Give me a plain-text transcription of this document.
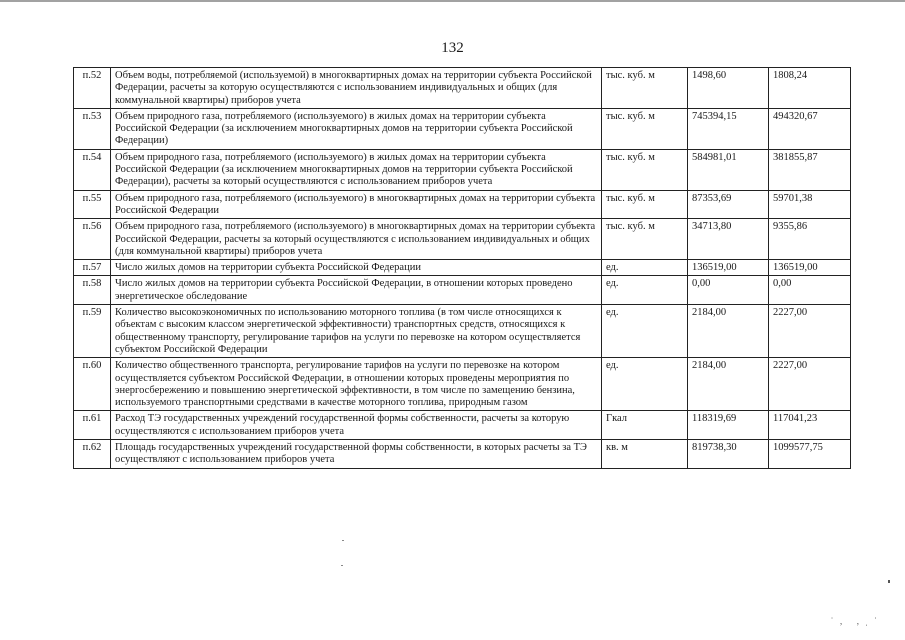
132
п.52	Объем воды, потребляемой (используемой) в многоквартирных домах на территории субъекта Российской Федерации, расчеты за которую осуществляются с использованием индивидуальных и общих (для коммунальной квартиры) приборов учета	тыс. куб. м	1498,60	1808,24
п.53	Объем природного газа, потребляемого (используемого) в жилых домах на территории субъекта Российской Федерации (за исключением многоквартирных домов на территории субъекта Российской Федерации)	тыс. куб. м	745394,15	494320,67
п.54	Объем природного газа, потребляемого (используемого) в жилых домах на территории субъекта Российской Федерации (за исключением многоквартирных домов на территории субъекта Российской Федерации), расчеты за который осуществляются с использованием приборов учета	тыс. куб. м	584981,01	381855,87
п.55	Объем природного газа, потребляемого (используемого) в многоквартирных домах на территории субъекта Российской Федерации	тыс. куб. м	87353,69	59701,38
п.56	Объем природного газа, потребляемого (используемого) в многоквартирных домах на территории субъекта Российской Федерации, расчеты за который осуществляются с использованием индивидуальных и общих (для коммунальной квартиры) приборов учета	тыс. куб. м	34713,80	9355,86
п.57	Число жилых домов на территории субъекта Российской Федерации	ед.	136519,00	136519,00
п.58	Число жилых домов на территории субъекта Российской Федерации, в отношении которых проведено энергетическое обследование	ед.	0,00	0,00
п.59	Количество высокоэкономичных по использованию моторного топлива (в том числе относящихся к объектам с высоким классом энергетической эффективности) транспортных средств, относящихся к общественному транспорту, регулирование тарифов на услуги по перевозке на котором осуществляется субъектом Российской Федерации	ед.	2184,00	2227,00
п.60	Количество общественного транспорта, регулирование тарифов на услуги по перевозке на котором осуществляется субъектом Российской Федерации, в отношении которых проведены мероприятия по энергосбережению и повышению энергетической эффективности, в том числе по замещению бензина, используемого транспортными средствами в качестве моторного топлива, природным газом	ед.	2184,00	2227,00
п.61	Расход ТЭ государственных учреждений государственной формы собственности, расчеты за которую осуществляются с использованием приборов учета	Гкал	118319,69	117041,23
п.62	Площадь государственных учреждений государственной формы собственности, в которых расчеты за ТЭ осуществляют с использованием приборов учета	кв. м	819738,30	1099577,75
˙‚ ,ˌ˙
